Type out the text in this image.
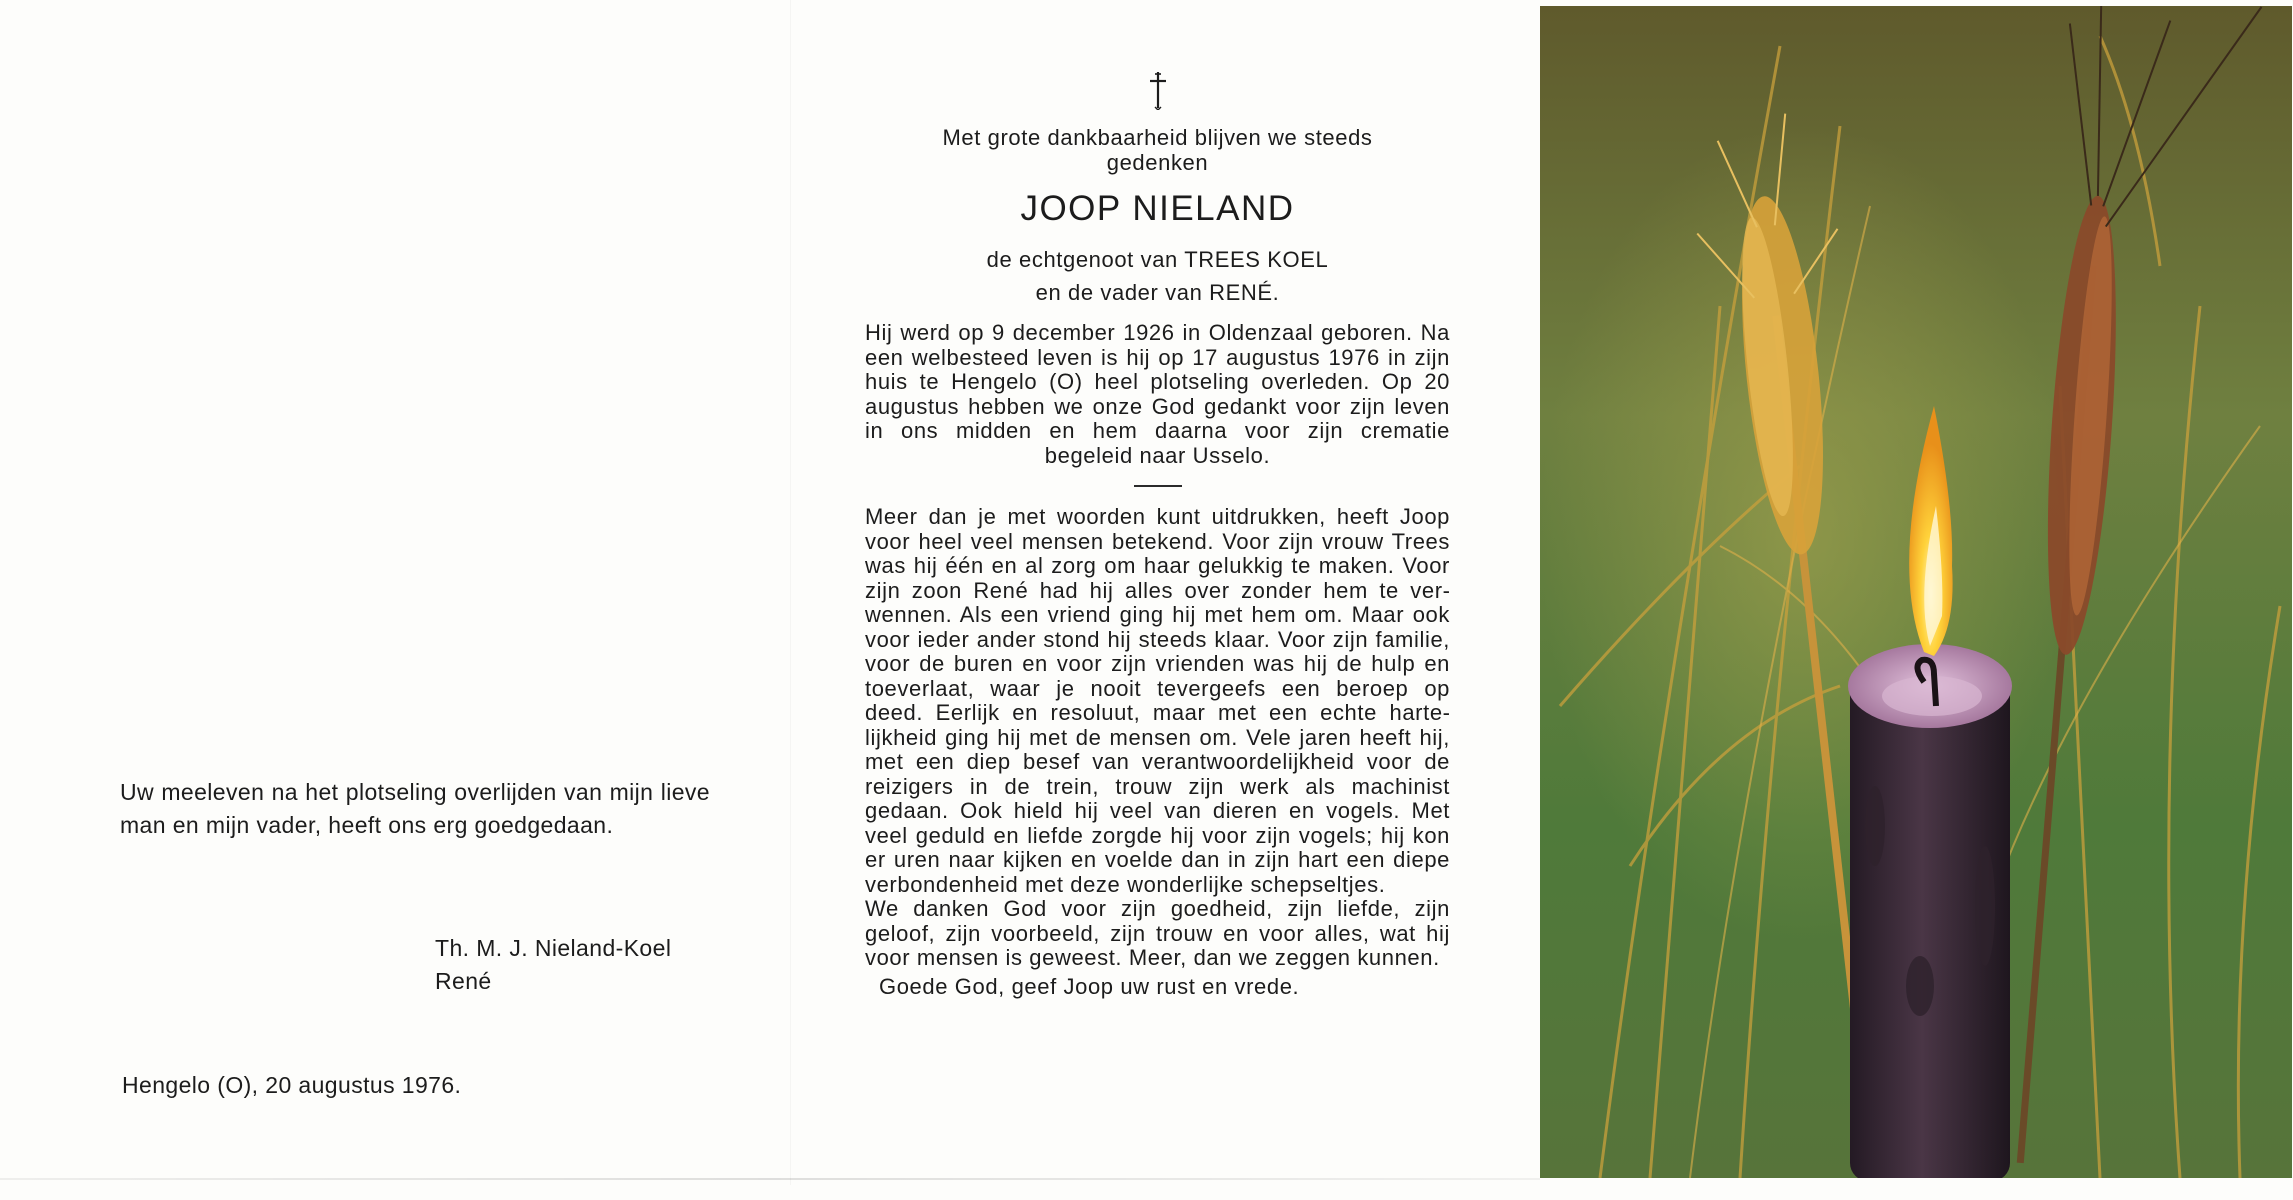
Uw meeleven na het plotseling overlijden van mijn lieve man en mijn vader, heeft ons erg goedgedaan.

Th. M. J. Nieland-Koel
René
Hengelo (O), 20 augustus 1976.
Met grote dankbaarheid blijven we steeds
gedenken
JOOP NIELAND
de echtgenoot van TREES KOEL
en de vader van RENÉ.
Hij werd op 9 december 1926 in Oldenzaal geboren. Na een welbesteed leven is hij op 17 augustus 1976 in zijn huis te Hengelo (O) heel plotseling overleden. Op 20 augustus hebben we onze God gedankt voor zijn leven in ons midden en hem daarna voor zijn crematie begeleid naar Usselo.
Meer dan je met woorden kunt uitdrukken, heeft Joop voor heel veel mensen betekend. Voor zijn vrouw Trees was hij één en al zorg om haar gelukkig te maken. Voor zijn zoon René had hij alles over zonder hem te verwennen. Als een vriend ging hij met hem om. Maar ook voor ieder ander stond hij steeds klaar. Voor zijn familie, voor de buren en voor zijn vrienden was hij de hulp en toeverlaat, waar je nooit tevergeefs een beroep op deed. Eerlijk en resoluut, maar met een echte hartelijkheid ging hij met de mensen om. Vele jaren heeft hij, met een diep besef van verantwoordelijkheid voor de reizigers in de trein, trouw zijn werk als machinist gedaan. Ook hield hij veel van dieren en vogels. Met veel geduld en liefde zorgde hij voor zijn vogels; hij kon er uren naar kijken en voelde dan in zijn hart een diepe verbondenheid met deze wonderlijke schepseltjes.
We danken God voor zijn goedheid, zijn liefde, zijn geloof, zijn voorbeeld, zijn trouw en voor alles, wat hij voor mensen is geweest. Meer, dan we zeggen kunnen.
Goede God, geef Joop uw rust en vrede.
